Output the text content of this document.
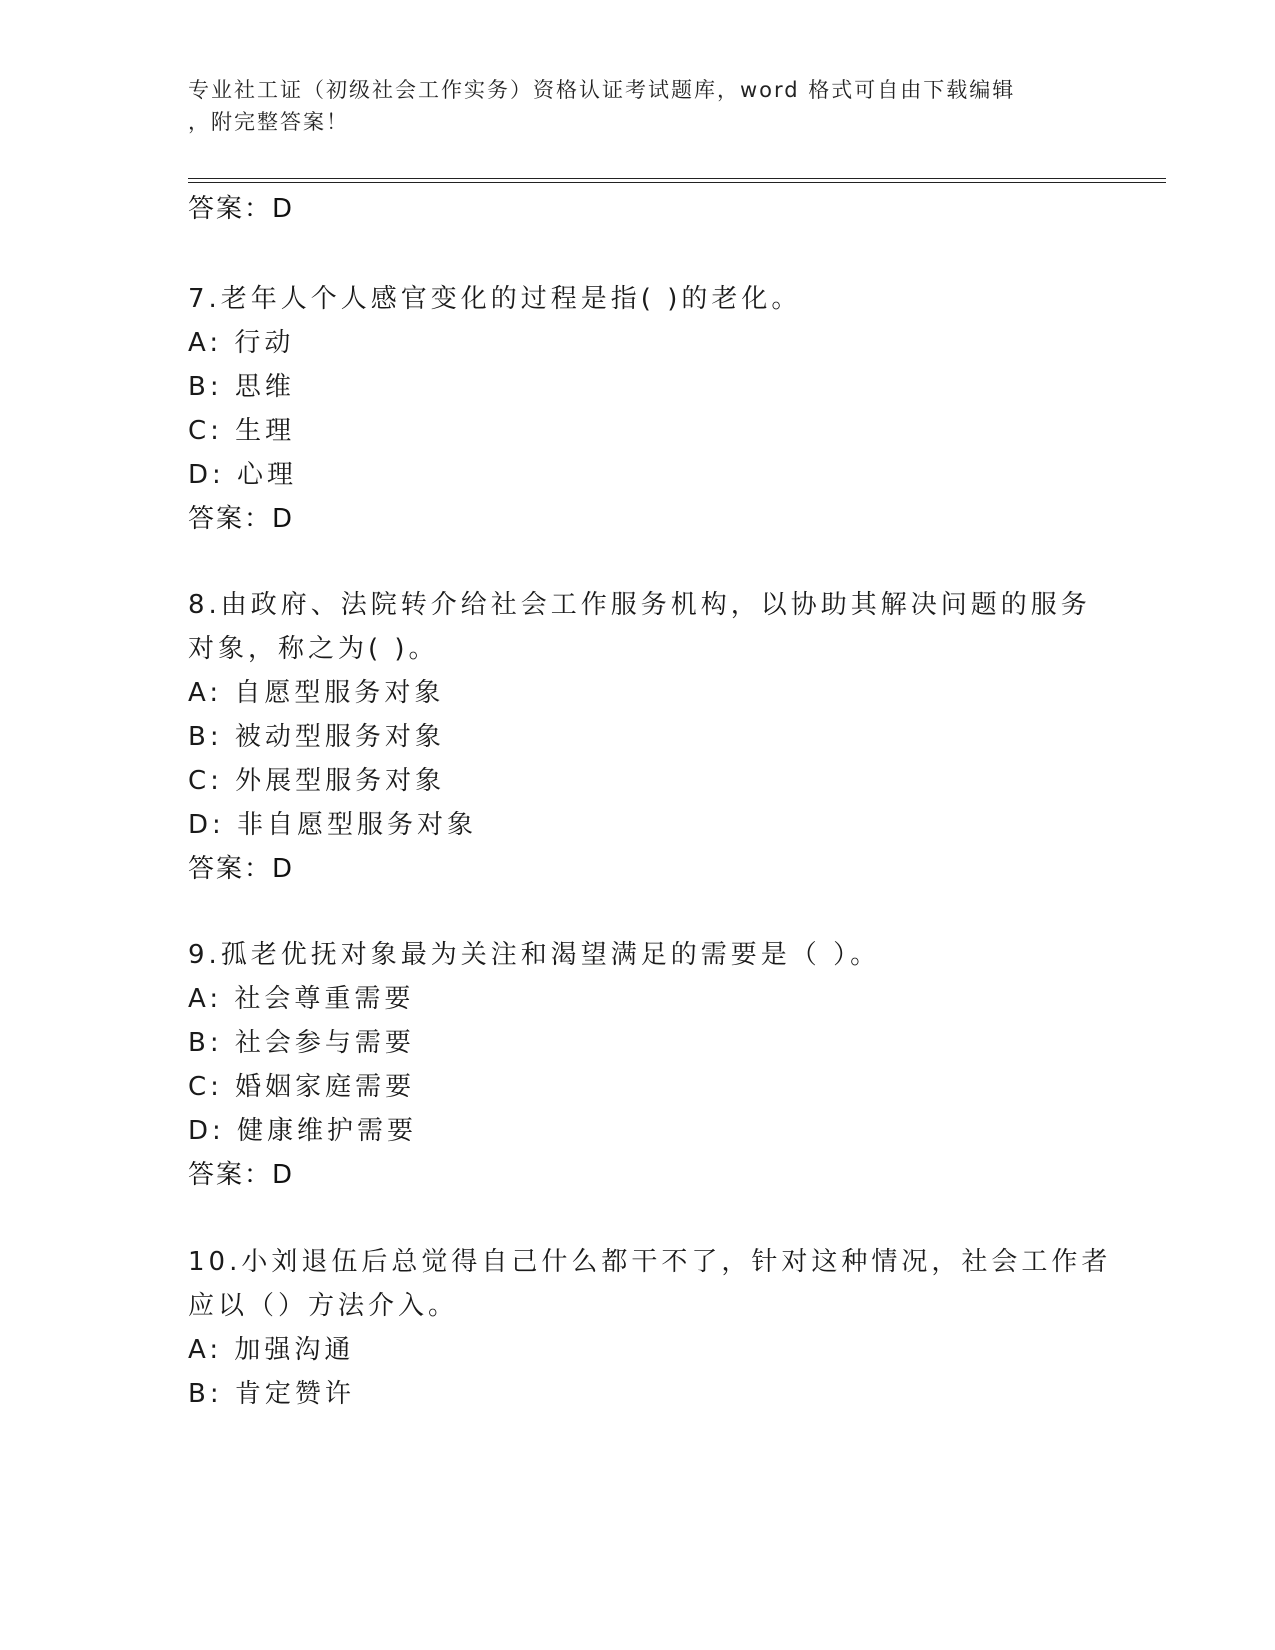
专业社工证（初级社会工作实务）资格认证考试题库，word 格式可自由下载编辑
，附完整答案！
答案：D
7.老年人个人感官变化的过程是指( )的老化。
A: 行动
B: 思维
C: 生理
D: 心理
答案：D
8.由政府、法院转介给社会工作服务机构，以协助其解决问题的服务
对象，称之为( )。
A: 自愿型服务对象
B: 被动型服务对象
C: 外展型服务对象
D: 非自愿型服务对象
答案：D
9.孤老优抚对象最为关注和渴望满足的需要是（ ）。
A: 社会尊重需要
B: 社会参与需要
C: 婚姻家庭需要
D: 健康维护需要
答案：D
10.小刘退伍后总觉得自己什么都干不了，针对这种情况，社会工作者
应以（）方法介入。
A: 加强沟通
B: 肯定赞许
